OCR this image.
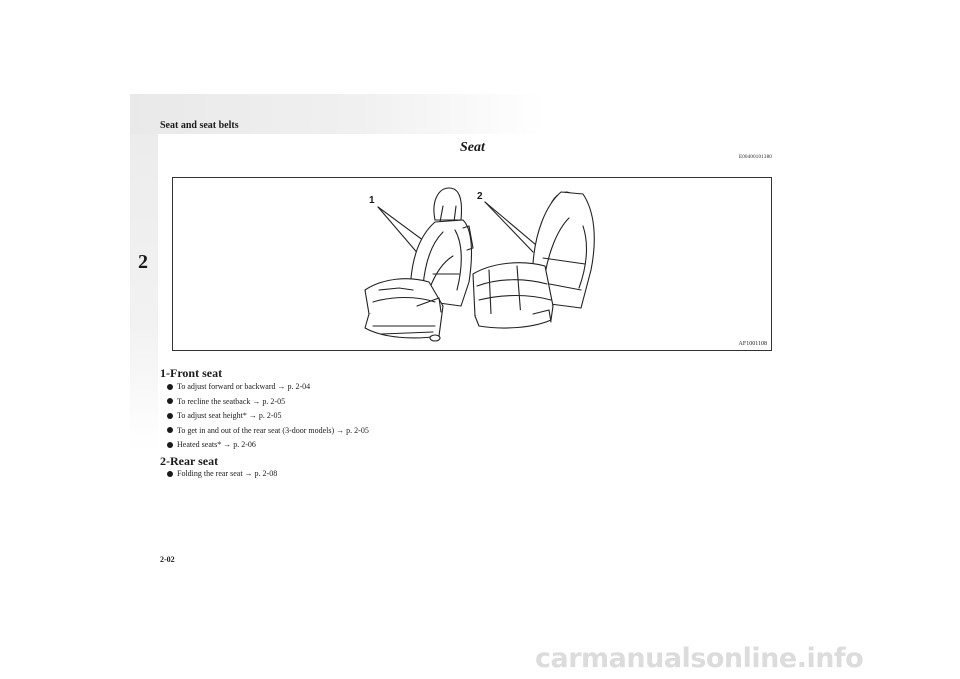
Seat and seat belts
2
Seat
E00400101380
1	2
AF1001108
1-Front seat
To adjust forward or backward → p. 2-04
To recline the seatback → p. 2-05
To adjust seat height* → p. 2-05
To get in and out of the rear seat (3-door models) → p. 2-05
Heated seats* → p. 2-06
2-Rear seat
Folding the rear seat → p. 2-08
2-02
carmanualsonline.info
